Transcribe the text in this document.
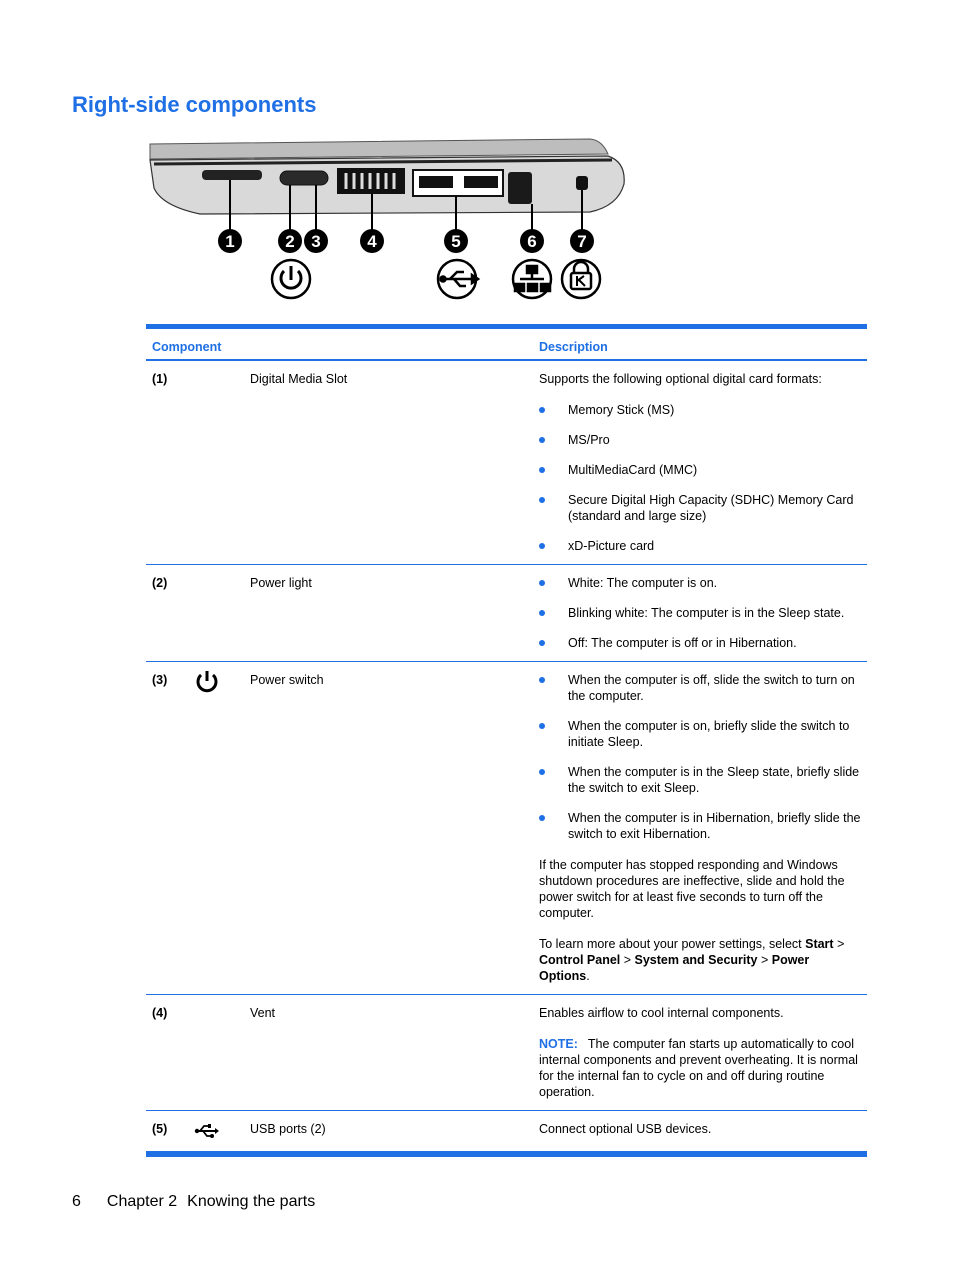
Right-side components
1	2 3	4	5	6 7
Component	Description
(1)	Digital Media Slot	Supports the following optional digital card formats:

Memory Stick (MS)
MS/Pro
MultiMediaCard (MMC)
Secure Digital High Capacity (SDHC) Memory Card (standard and large size)
xD-Picture card
(2)	Power light	White: The computer is on.
Blinking white: The computer is in the Sleep state.
Off: The computer is off or in Hibernation.
(3)	Power switch	When the computer is off, slide the switch to turn on the computer.
When the computer is on, briefly slide the switch to initiate Sleep.
When the computer is in the Sleep state, briefly slide the switch to exit Sleep.
When the computer is in Hibernation, briefly slide the switch to exit Hibernation.

If the computer has stopped responding and Windows shutdown procedures are ineffective, slide and hold the power switch for at least five seconds to turn off the computer.

To learn more about your power settings, select Start > Control Panel > System and Security > Power Options.

(4)	Vent	Enables airflow to cool internal components.

NOTE: The computer fan starts up automatically to cool internal components and prevent overheating. It is normal for the internal fan to cycle on and off during routine operation.

(5)	USB ports (2)	Connect optional USB devices.

6 Chapter 2 Knowing the parts
